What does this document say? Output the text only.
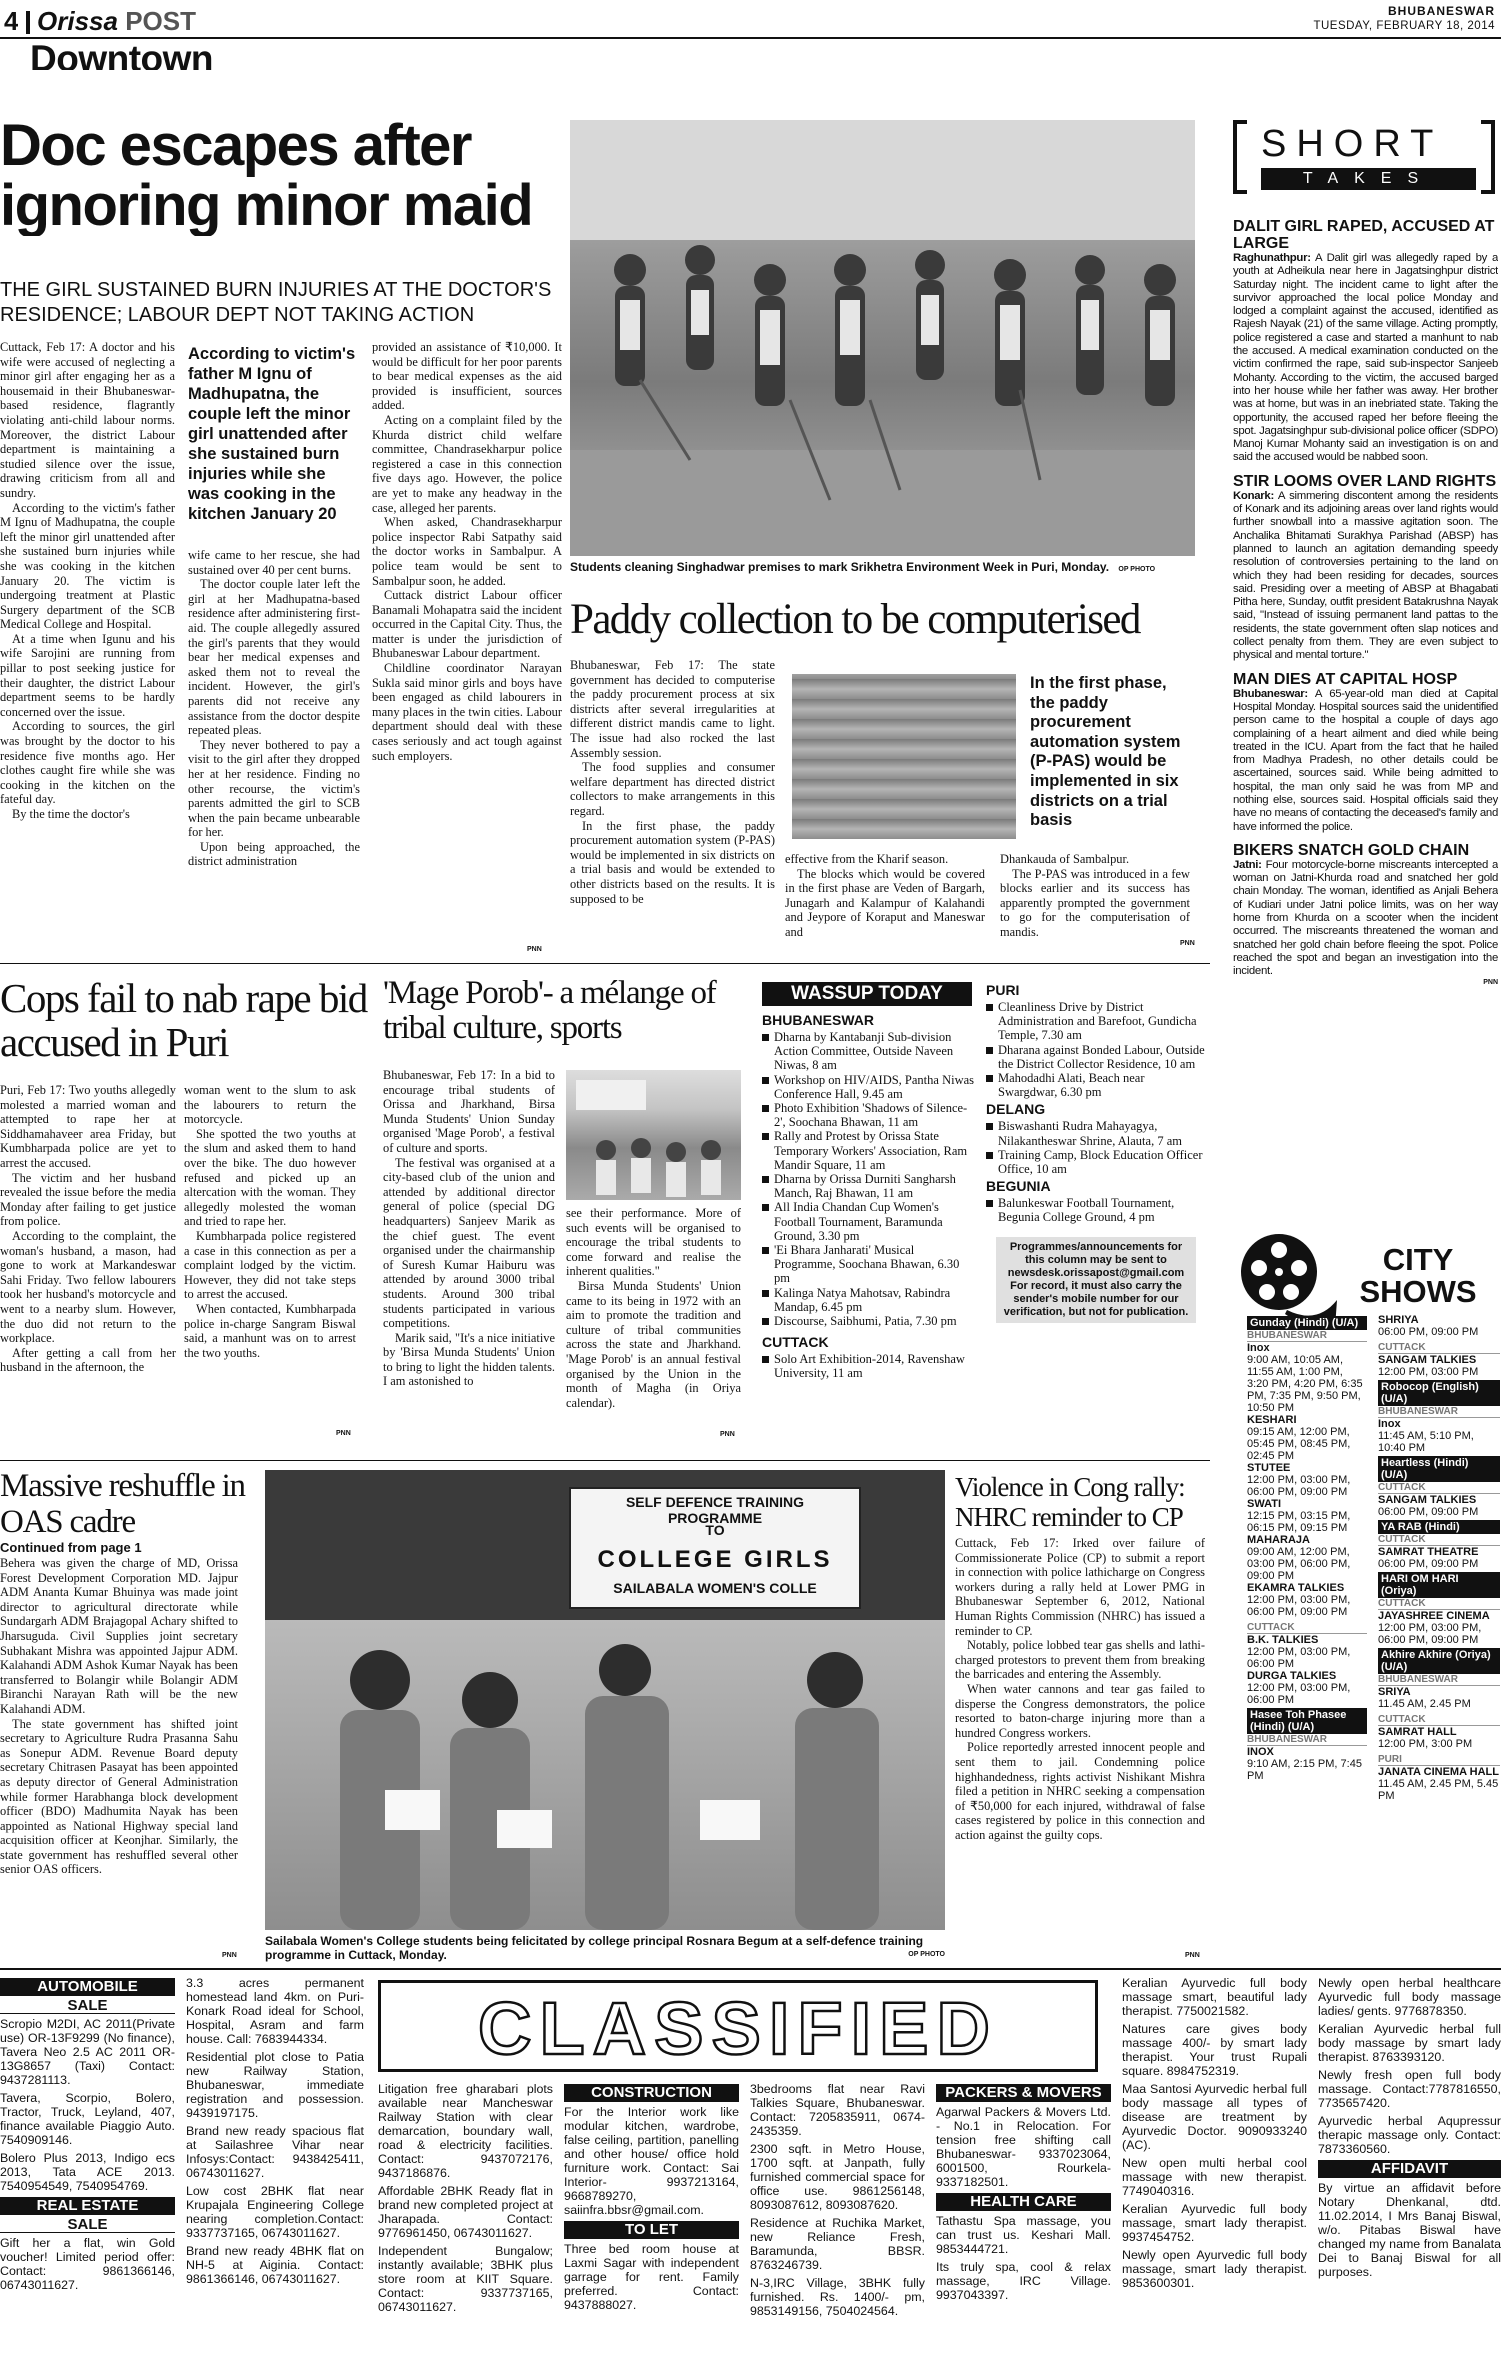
4 Orissa POST	BHUBANESWAR
TUESDAY, FEBRUARY 18, 2014
Downtown
Doc escapes after ignoring minor maid
THE GIRL SUSTAINED BURN INJURIES AT THE DOCTOR'S RESIDENCE; LABOUR DEPT NOT TAKING ACTION

Cuttack, Feb 17: A doctor and his wife were accused of neglecting a minor girl after engaging her as a housemaid in their Bhubaneswar-based residence, flagrantly violating anti-child labour norms. Moreover, the district Labour department is maintaining a studied silence over the issue, drawing criticism from all and sundry.

According to the victim's father M Ignu of Madhupatna, the couple left the minor girl unattended after she sustained burn injuries while she was cooking in the kitchen January 20. The victim is undergoing treatment at Plastic Surgery department of the SCB Medical College and Hospital.

At a time when Igunu and his wife Sarojini are running from pillar to post seeking justice for their daughter, the district Labour department seems to be hardly concerned over the issue.

According to sources, the girl was brought by the doctor to his residence five months ago. Her clothes caught fire while she was cooking in the kitchen on the fateful day.

By the time the doctor's

According to victim's father M Ignu of Madhupatna, the couple left the minor girl unattended after she sustained burn injuries while she was cooking in the kitchen January 20

wife came to her rescue, she had sustained over 40 per cent burns.

The doctor couple later left the girl at her Madhupatna-based residence after administering first-aid. The couple allegedly assured the girl's parents that they would bear her medical expenses and asked them not to reveal the incident. However, the girl's parents did not receive any assistance from the doctor despite repeated pleas.

They never bothered to pay a visit to the girl after they dropped her at her residence. Finding no other recourse, the victim's parents admitted the girl to SCB when the pain became unbearable for her.

Upon being approached, the district administration

provided an assistance of ₹10,000. It would be difficult for her poor parents to bear medical expenses as the aid provided is insufficient, sources added.

Acting on a complaint filed by the Khurda district child welfare committee, Chandrasekharpur police registered a case in this connection five days ago. However, the police are yet to make any headway in the case, alleged her parents.

When asked, Chandrasekharpur police inspector Rabi Satpathy said the doctor works in Sambalpur. A police team would be sent to Sambalpur soon, he added.

Cuttack district Labour officer Banamali Mohapatra said the incident occurred in the Capital City. Thus, the matter is under the jurisdiction of Bhubaneswar Labour department.

Childline coordinator Narayan Sukla said minor girls and boys have been engaged as child labourers in many places in the twin cities. Labour department should deal with these cases seriously and act tough against such employers.

PNN
Students cleaning Singhadwar premises to mark Srikhetra Environment Week in Puri, Monday. OP PHOTO
Paddy collection to be computerised

Bhubaneswar, Feb 17: The state government has decided to computerise the paddy procurement process at six districts after several irregularities at different district mandis came to light. The issue had also rocked the last Assembly session.

The food supplies and consumer welfare department has directed district collectors to make arrangements in this regard.

In the first phase, the paddy procurement automation system (P-PAS) would be implemented in six districts on a trial basis and would be extended to other districts based on the results. It is supposed to be

In the first phase, the paddy procurement automation system (P-PAS) would be implemented in six districts on a trial basis

effective from the Kharif season.

The blocks which would be covered in the first phase are Veden of Bargarh, Junagarh and Kalampur of Kalahandi and Jeypore of Koraput and Maneswar and

Dhankauda of Sambalpur.

The P-PAS was introduced in a few blocks earlier and its success has apparently prompted the government to go for the computerisation of mandis.

PNN
SHORT
TAKES
DALIT GIRL RAPED, ACCUSED AT LARGE
Raghunathpur: A Dalit girl was allegedly raped by a youth at Adheikula near here in Jagatsinghpur district Saturday night. The incident came to light after the survivor approached the local police Monday and lodged a complaint against the accused, identified as Rajesh Nayak (21) of the same village. Acting promptly, police registered a case and started a manhunt to nab the accused. A medical examination conducted on the victim confirmed the rape, said sub-inspector Sanjeeb Mohanty. According to the victim, the accused barged into her house while her father was away. Her brother was at home, but was in an inebriated state. Taking the opportunity, the accused raped her before fleeing the spot. Jagatsinghpur sub-divisional police officer (SDPO) Manoj Kumar Mohanty said an investigation is on and said the accused would be nabbed soon.
STIR LOOMS OVER LAND RIGHTS
Konark: A simmering discontent among the residents of Konark and its adjoining areas over land rights would further snowball into a massive agitation soon. The Anchalika Bhitamati Surakhya Parishad (ABSP) has planned to launch an agitation demanding speedy resolution of controversies pertaining to the land on which they had been residing for decades, sources said. Presiding over a meeting of ABSP at Bhagabati Pitha here, Sunday, outfit president Batakrushna Nayak said, "Instead of issuing permanent land pattas to the residents, the state government often slap notices and collect penalty from them. They are even subject to physical and mental torture."
MAN DIES AT CAPITAL HOSP
Bhubaneswar: A 65-year-old man died at Capital Hospital Monday. Hospital sources said the unidentified person came to the hospital a couple of days ago complaining of a heart ailment and died while being treated in the ICU. Apart from the fact that he hailed from Madhya Pradesh, no other details could be ascertained, sources said. While being admitted to hospital, the man only said he was from MP and nothing else, sources said. Hospital officials said they have no means of contacting the deceased's family and have informed the police.
BIKERS SNATCH GOLD CHAIN
Jatni: Four motorcycle-borne miscreants intercepted a woman on Jatni-Khurda road and snatched her gold chain Monday. The woman, identified as Anjali Behera of Kudiari under Jatni police limits, was on her way home from Khurda on a scooter when the incident occurred. The miscreants threatened the woman and snatched her gold chain before fleeing the spot. Police reached the spot and began an investigation into the incident.
PNN
Cops fail to nab rape bid accused in Puri

Puri, Feb 17: Two youths allegedly molested a married woman and attempted to rape her at Siddhamahaveer area Friday, but Kumbharpada police are yet to arrest the accused.

The victim and her husband revealed the issue before the media Monday after failing to get justice from police.

According to the complaint, the woman's husband, a mason, had gone to work at Markandeswar Sahi Friday. Two fellow labourers took her husband's motorcycle and went to a nearby slum. However, the duo did not return to the workplace.

After getting a call from her husband in the afternoon, the

woman went to the slum to ask the labourers to return the motorcycle.

She spotted the two youths at the slum and asked them to hand over the bike. The duo however refused and picked up an altercation with the woman. They allegedly molested the woman and tried to rape her.

Kumbharpada police registered a case in this connection as per a complaint lodged by the victim. However, they did not take steps to arrest the accused.

When contacted, Kumbharpada police in-charge Sangram Biswal said, a manhunt was on to arrest the two youths.

PNN
'Mage Porob'- a mélange of tribal culture, sports

Bhubaneswar, Feb 17: In a bid to encourage tribal students of Orissa and Jharkhand, Birsa Munda Students' Union Sunday organised 'Mage Porob', a festival of culture and sports.

The festival was organised at a city-based club of the union and attended by additional director general of police (special DG headquarters) Sanjeev Marik as the chief guest. The event organised under the chairmanship of Suresh Kumar Haiburu was attended by around 3000 tribal students. Around 300 tribal students participated in various competitions.

Marik said, "It's a nice initiative by 'Birsa Munda Students' Union to bring to light the hidden talents. I am astonished to

see their performance. More of such events will be organised to encourage the tribal students to come forward and realise the inherent qualities."

Birsa Munda Students' Union came to its being in 1972 with an aim to promote the tradition and culture of tribal communities across the state and Jharkhand. 'Mage Porob' is an annual festival organised by the Union in the month of Magha (in Oriya calendar).

PNN
WASSUP TODAY
BHUBANESWAR
Dharna by Kantabanji Sub-division Action Committee, Outside Naveen Niwas, 8 am
Workshop on HIV/AIDS, Pantha Niwas Conference Hall, 9.45 am
Photo Exhibition 'Shadows of Silence-2', Soochana Bhawan, 11 am
Rally and Protest by Orissa State Temporary Workers' Association, Ram Mandir Square, 11 am
Dharna by Orissa Durniti Sangharsh Manch, Raj Bhawan, 11 am
All India Chandan Cup Women's Football Tournament, Baramunda Ground, 3.30 pm
'Ei Bhara Janharati' Musical Programme, Soochana Bhawan, 6.30 pm
Kalinga Natya Mahotsav, Rabindra Mandap, 6.45 pm
Discourse, Saibhumi, Patia, 7.30 pm
CUTTACK
Solo Art Exhibition-2014, Ravenshaw University, 11 am
PURI
Cleanliness Drive by District Administration and Barefoot, Gundicha Temple, 7.30 am
Dharana against Bonded Labour, Outside the District Collector Residence, 10 am
Mahodadhi Alati, Beach near Swargdwar, 6.30 pm
DELANG
Biswashanti Rudra Mahayagya, Nilakantheswar Shrine, Alauta, 7 am
Training Camp, Block Education Officer Office, 10 am
BEGUNIA
Balunkeswar Football Tournament, Begunia College Ground, 4 pm
Programmes/announcements for this column may be sent to newsdesk.orissapost@gmail.com For record, it must also carry the sender's mobile number for our verification, but not for publication.
CITY
SHOWS
Gunday (Hindi) (U/A)
BHUBANESWAR
Inox
9:00 AM, 10:05 AM, 11:55 AM, 1:00 PM, 3:20 PM, 4:20 PM, 6:35 PM, 7:35 PM, 9:50 PM, 10:50 PM
KESHARI
09:15 AM, 12:00 PM, 05:45 PM, 08:45 PM, 02:45 PM
STUTEE
12:00 PM, 03:00 PM, 06:00 PM, 09:00 PM
SWATI
12:15 PM, 03:15 PM, 06:15 PM, 09:15 PM
MAHARAJA
09:00 AM, 12:00 PM, 03:00 PM, 06:00 PM, 09:00 PM
EKAMRA TALKIES
12:00 PM, 03:00 PM, 06:00 PM, 09:00 PM
CUTTACK
B.K. TALKIES
12:00 PM, 03:00 PM, 06:00 PM
DURGA TALKIES
12:00 PM, 03:00 PM, 06:00 PM
Hasee Toh Phasee (Hindi) (U/A)
BHUBANESWAR
INOX
9:10 AM, 2:15 PM, 7:45 PM
SHRIYA
06:00 PM, 09:00 PM
CUTTACK
SANGAM TALKIES
12:00 PM, 03:00 PM
Robocop (English) (U/A)
BHUBANESWAR
Inox
11:45 AM, 5:10 PM, 10:40 PM
Heartless (Hindi) (U/A)
CUTTACK
SANGAM TALKIES
06:00 PM, 09:00 PM
YA RAB (Hindi)
CUTTACK
SAMRAT THEATRE
06:00 PM, 09:00 PM
HARI OM HARI (Oriya)
CUTTACK
JAYASHREE CINEMA
12:00 PM, 03:00 PM, 06:00 PM, 09:00 PM
Akhire Akhire (Oriya) (U/A)
BHUBANESWAR
SRIYA
11.45 AM, 2.45 PM
CUTTACK
SAMRAT HALL
12:00 PM, 3:00 PM
PURI
JANATA CINEMA HALL
11.45 AM, 2.45 PM, 5.45 PM
Massive reshuffle in OAS cadre
Continued from page 1

Behera was given the charge of MD, Orissa Forest Development Corporation MD. Jajpur ADM Ananta Kumar Bhuinya was made joint director to agricultural directorate while Sundargarh ADM Brajagopal Achary shifted to Jharsuguda. Civil Supplies joint secretary Subhakant Mishra was appointed Jajpur ADM. Kalahandi ADM Ashok Kumar Nayak has been transferred to Bolangir while Bolangir ADM Biranchi Narayan Rath will be the new Kalahandi ADM.

The state government has shifted joint secretary to Agriculture Rudra Prasanna Sahu as Sonepur ADM. Revenue Board deputy secretary Chitrasen Pasayat has been appointed as deputy director of General Administration while former Harabhanga block development officer (BDO) Madhumita Nayak has been appointed as National Highway special land acquisition officer at Keonjhar. Similarly, the state government has reshuffled several other senior OAS officers.

PNN
SELF DEFENCE TRAINING PROGRAMME
TO
COLLEGE GIRLS
SAILABALA WOMEN'S COLLE
Sailabala Women's College students being felicitated by college principal Rosnara Begum at a self-defence training programme in Cuttack, Monday.	OP PHOTO
Violence in Cong rally: NHRC reminder to CP

Cuttack, Feb 17: Irked over failure of Commissionerate Police (CP) to submit a report in connection with police lathicharge on Congress workers during a rally held at Lower PMG in Bhubaneswar September 6, 2012, National Human Rights Commission (NHRC) has issued a reminder to CP.

Notably, police lobbed tear gas shells and lathi-charged protestors to prevent them from breaking the barricades and entering the Assembly.

When water cannons and tear gas failed to disperse the Congress demonstrators, the police resorted to baton-charge injuring more than a hundred Congress workers.

Police reportedly arrested innocent people and sent them to jail. Condemning police highhandedness, rights activist Nishikant Mishra filed a petition in NHRC seeking a compensation of ₹50,000 for each injured, withdrawal of false cases registered by police in this connection and action against the guilty cops.

PNN
AUTOMOBILE
SALE

Scropio M2DI, AC 2011(Private use) OR-13F9299 (No finance), Tavera Neo 2.5 AC 2011 OR-13G8657 (Taxi) Contact: 9437281113.

Tavera, Scorpio, Bolero, Tractor, Truck, Leyland, 407, finance available Piaggio Auto. 7540909146.

Bolero Plus 2013, Indigo ecs 2013, Tata ACE 2013. 7540954549, 7540954769.

REAL ESTATE
SALE

Gift her a flat, win Gold voucher! Limited period offer: Contact: 9861366146, 06743011627.

3.3 acres permanent homestead land 4km. on Puri-Konark Road ideal for School, Hospital, Asram and farm house. Call: 7683944334.

Residential plot close to Patia new Railway Station, Bhubaneswar, immediate registration and possession. 9439197175.

Brand new ready spacious flat at Sailashree Vihar near Infosys:Contact: 9438425411, 06743011627.

Low cost 2BHK flat near Krupajala Engineering College nearing completion.Contact: 9337737165, 06743011627.

Brand new ready 4BHK flat on NH-5 at Aiginia. Contact: 9861366146, 06743011627.

CLASSIFIED

Litigation free gharabari plots available near Mancheswar Railway Station with clear demarcation, boundary wall, road & electricity facilities. Contact: 9437072176, 9437186876.

Affordable 2BHK Ready flat in brand new completed project at Jharapada. Contact: 9776961450, 06743011627.

Independent Bungalow; instantly available; 3BHK plus store room at KIIT Square. Contact: 9337737165, 06743011627.

CONSTRUCTION

For the Interior work like modular kitchen, wardrobe, false ceiling, partition, panelling and other house/ office hold furniture work. Contact: Sai Interior- 9937213164, 9668789270, saiinfra.bbsr@gmail.com.

TO LET

Three bed room house at Laxmi Sagar with independent garrage for rent. Family preferred. Contact: 9437888027.

3bedrooms flat near Ravi Talkies Square, Bhubaneswar. Contact: 7205835911, 0674-2435359.

2300 sqft. in Metro House, 1700 sqft. at Janpath, fully furnished commercial space for office use. 9861256148, 8093087612, 8093087620.

Residence at Ruchika Market, new Reliance Fresh, Baramunda, BBSR. 8763246739.

N-3,IRC Village, 3BHK fully furnished. Rs. 1400/- pm, 9853149156, 7504024564.

PACKERS & MOVERS

Agarwal Packers & Movers Ltd. - No.1 in Relocation. For tension free shifting call Bhubaneswar- 9337023064, 6001500, Rourkela- 9337182501.

HEALTH CARE

Tathastu Spa massage, you can trust us. Keshari Mall. 9853444721.

Its truly spa, cool & relax massage, IRC Village. 9937043397.

Keralian Ayurvedic full body massage smart, beautiful lady therapist. 7750021582.

Natures care gives body massage 400/- by smart lady therapist. Your trust Rupali square. 8984752319.

Maa Santosi Ayurvedic herbal full body massage all types of disease are treatment by Ayurvedic Doctor. 9090933240 (AC).

New open multi herbal cool massage with new therapist. 7749040316.

Keralian Ayurvedic full body massage, smart lady therapist. 9937454752.

Newly open Ayurvedic full body massage, smart lady therapist. 9853600301.

Newly open herbal healthcare Ayurvedic full body massage ladies/ gents. 9776878350.

Keralian Ayurvedic herbal full body massage by smart lady therapist. 8763393120.

Newly fresh open full body massage. Contact:7787816550, 7735657420.

Ayurvedic herbal Aqupressur therapic massage only. Contact: 7873360560.

AFFIDAVIT

By virtue an affidavit before Notary Dhenkanal, dtd. 11.02.2014, I Mrs Banaj Biswal, w/o. Pitabas Biswal have changed my name from Banalata Dei to Banaj Biswal for all purposes.
